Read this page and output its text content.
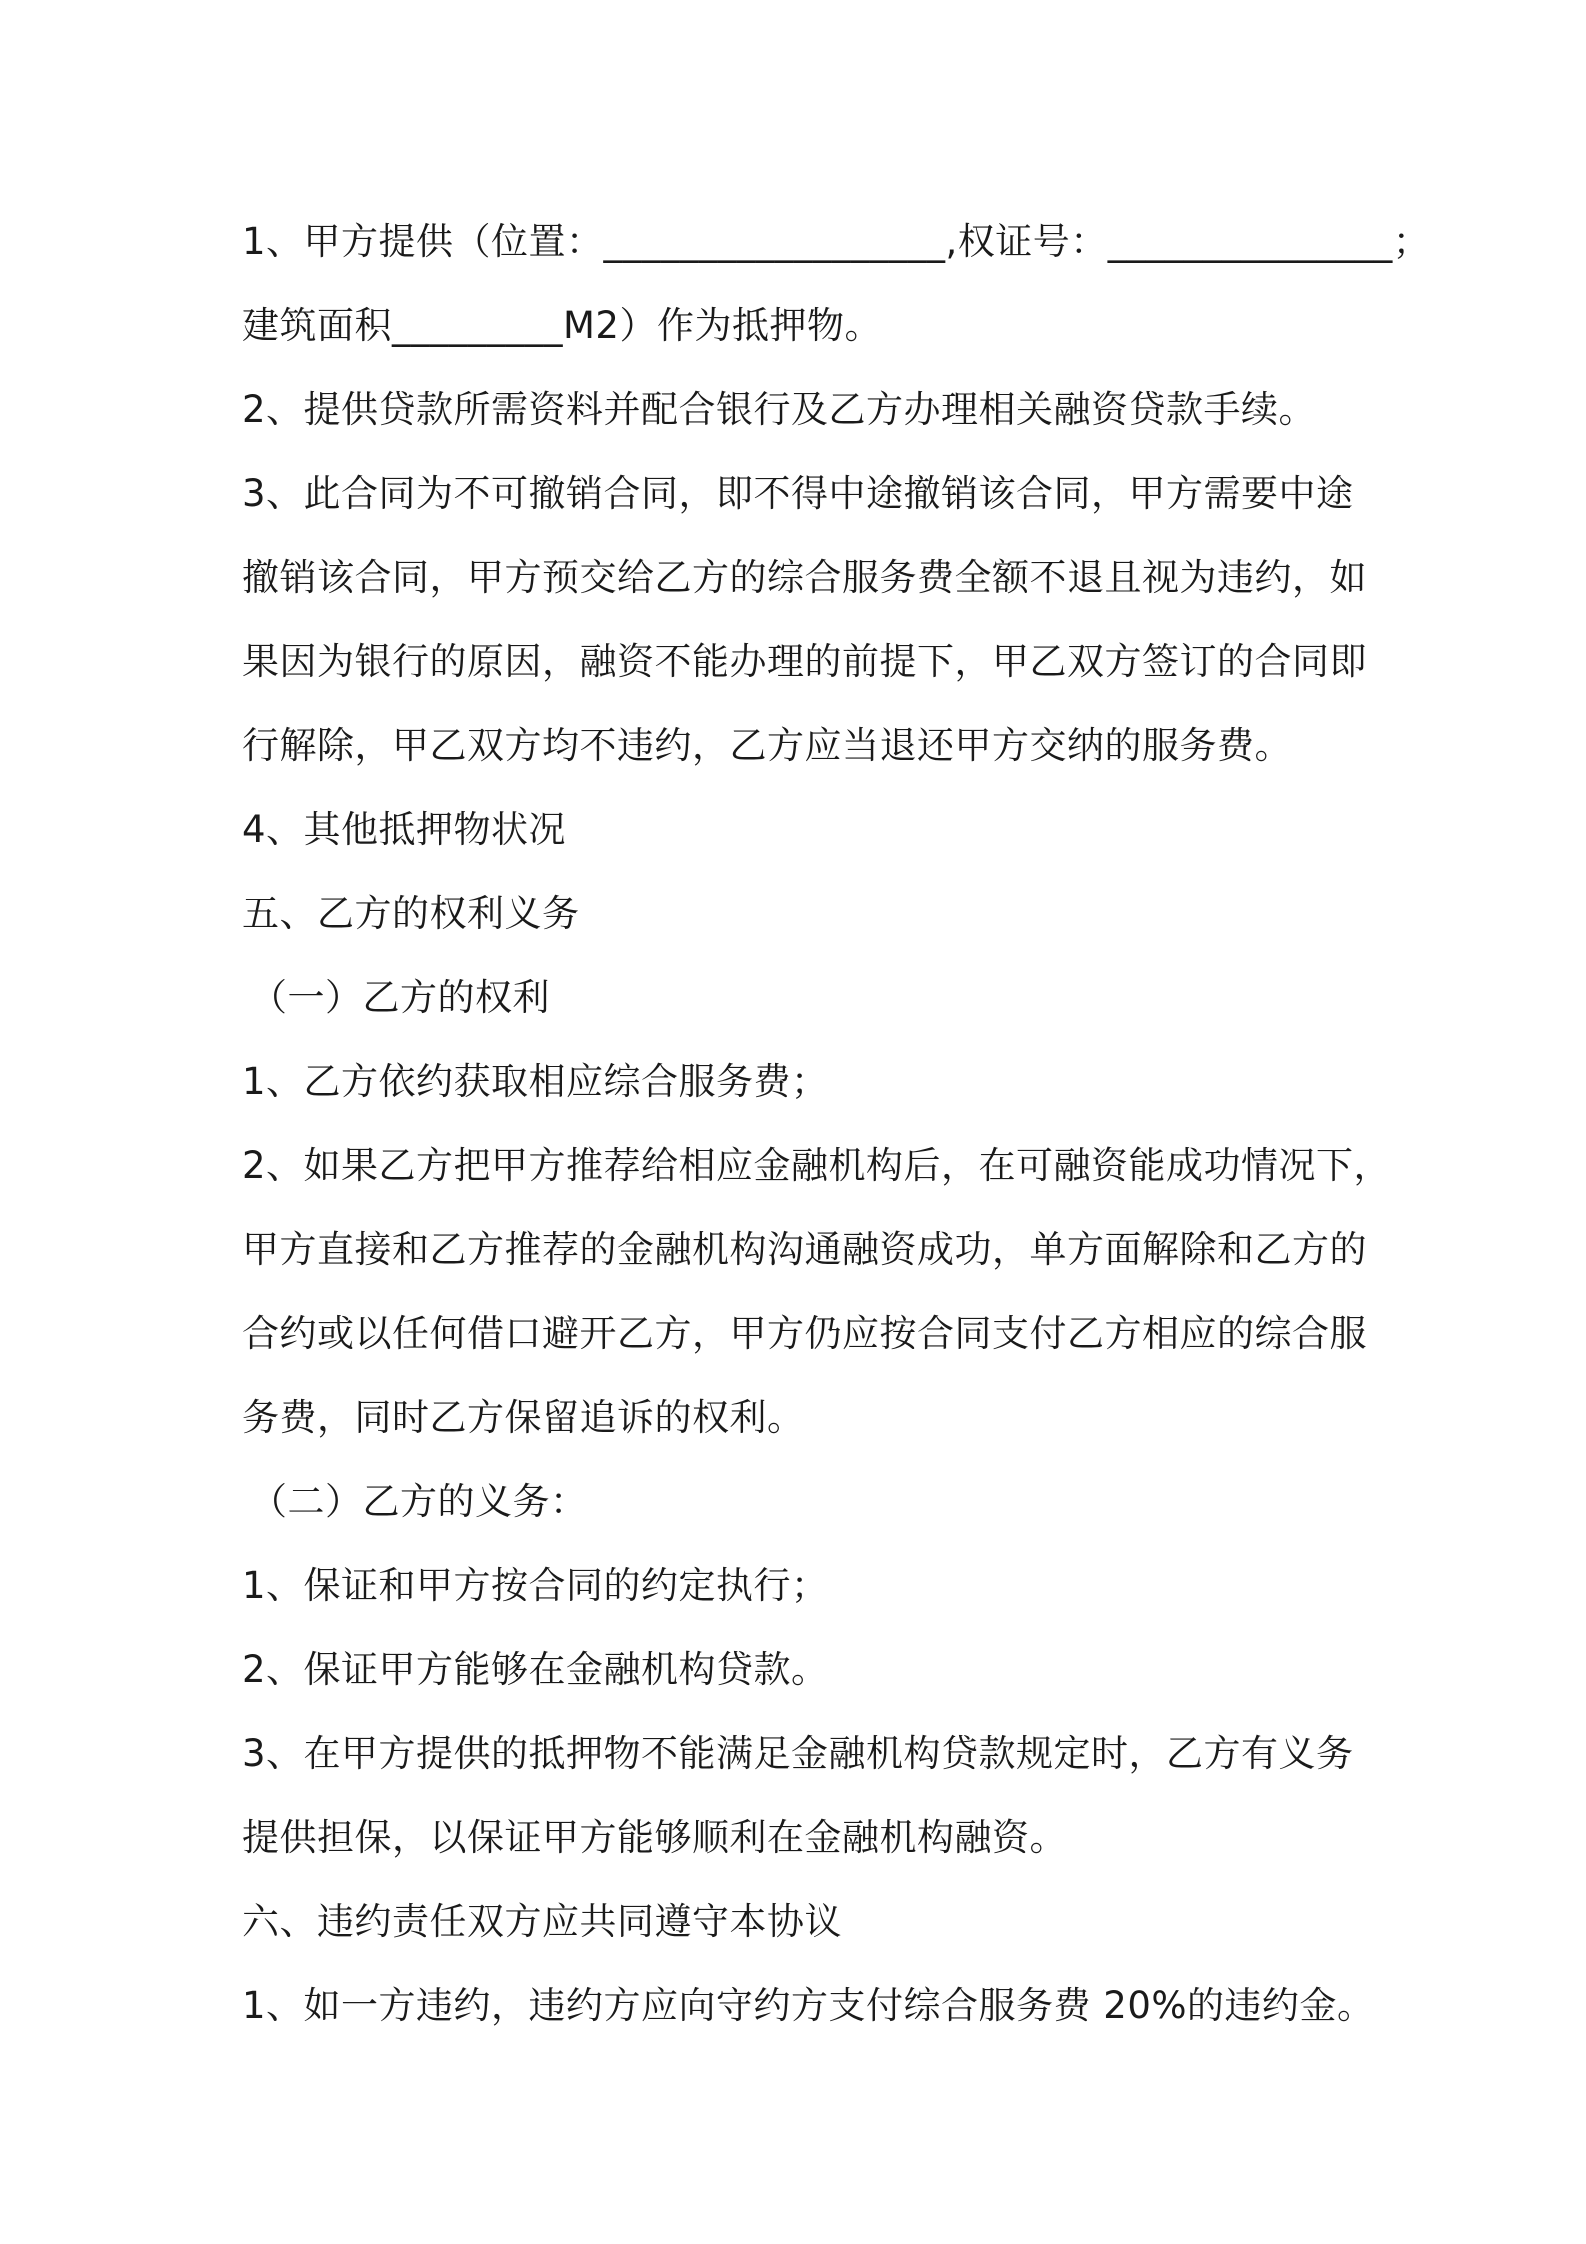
1、甲方提供（位置：__________________,权证号：_______________；
建筑面积_________M2）作为抵押物。
2、提供贷款所需资料并配合银行及乙方办理相关融资贷款手续。
3、此合同为不可撤销合同，即不得中途撤销该合同，甲方需要中途
撤销该合同，甲方预交给乙方的综合服务费全额不退且视为违约，如
果因为银行的原因，融资不能办理的前提下，甲乙双方签订的合同即
行解除，甲乙双方均不违约，乙方应当退还甲方交纳的服务费。
4、其他抵押物状况
五、乙方的权利义务
（一）乙方的权利
1、乙方依约获取相应综合服务费；
2、如果乙方把甲方推荐给相应金融机构后，在可融资能成功情况下，
甲方直接和乙方推荐的金融机构沟通融资成功，单方面解除和乙方的
合约或以任何借口避开乙方，甲方仍应按合同支付乙方相应的综合服
务费，同时乙方保留追诉的权利。
（二）乙方的义务：
1、保证和甲方按合同的约定执行；
2、保证甲方能够在金融机构贷款。
3、在甲方提供的抵押物不能满足金融机构贷款规定时，乙方有义务
提供担保，以保证甲方能够顺利在金融机构融资。
六、违约责任双方应共同遵守本协议
1、如一方违约，违约方应向守约方支付综合服务费 20%的违约金。
